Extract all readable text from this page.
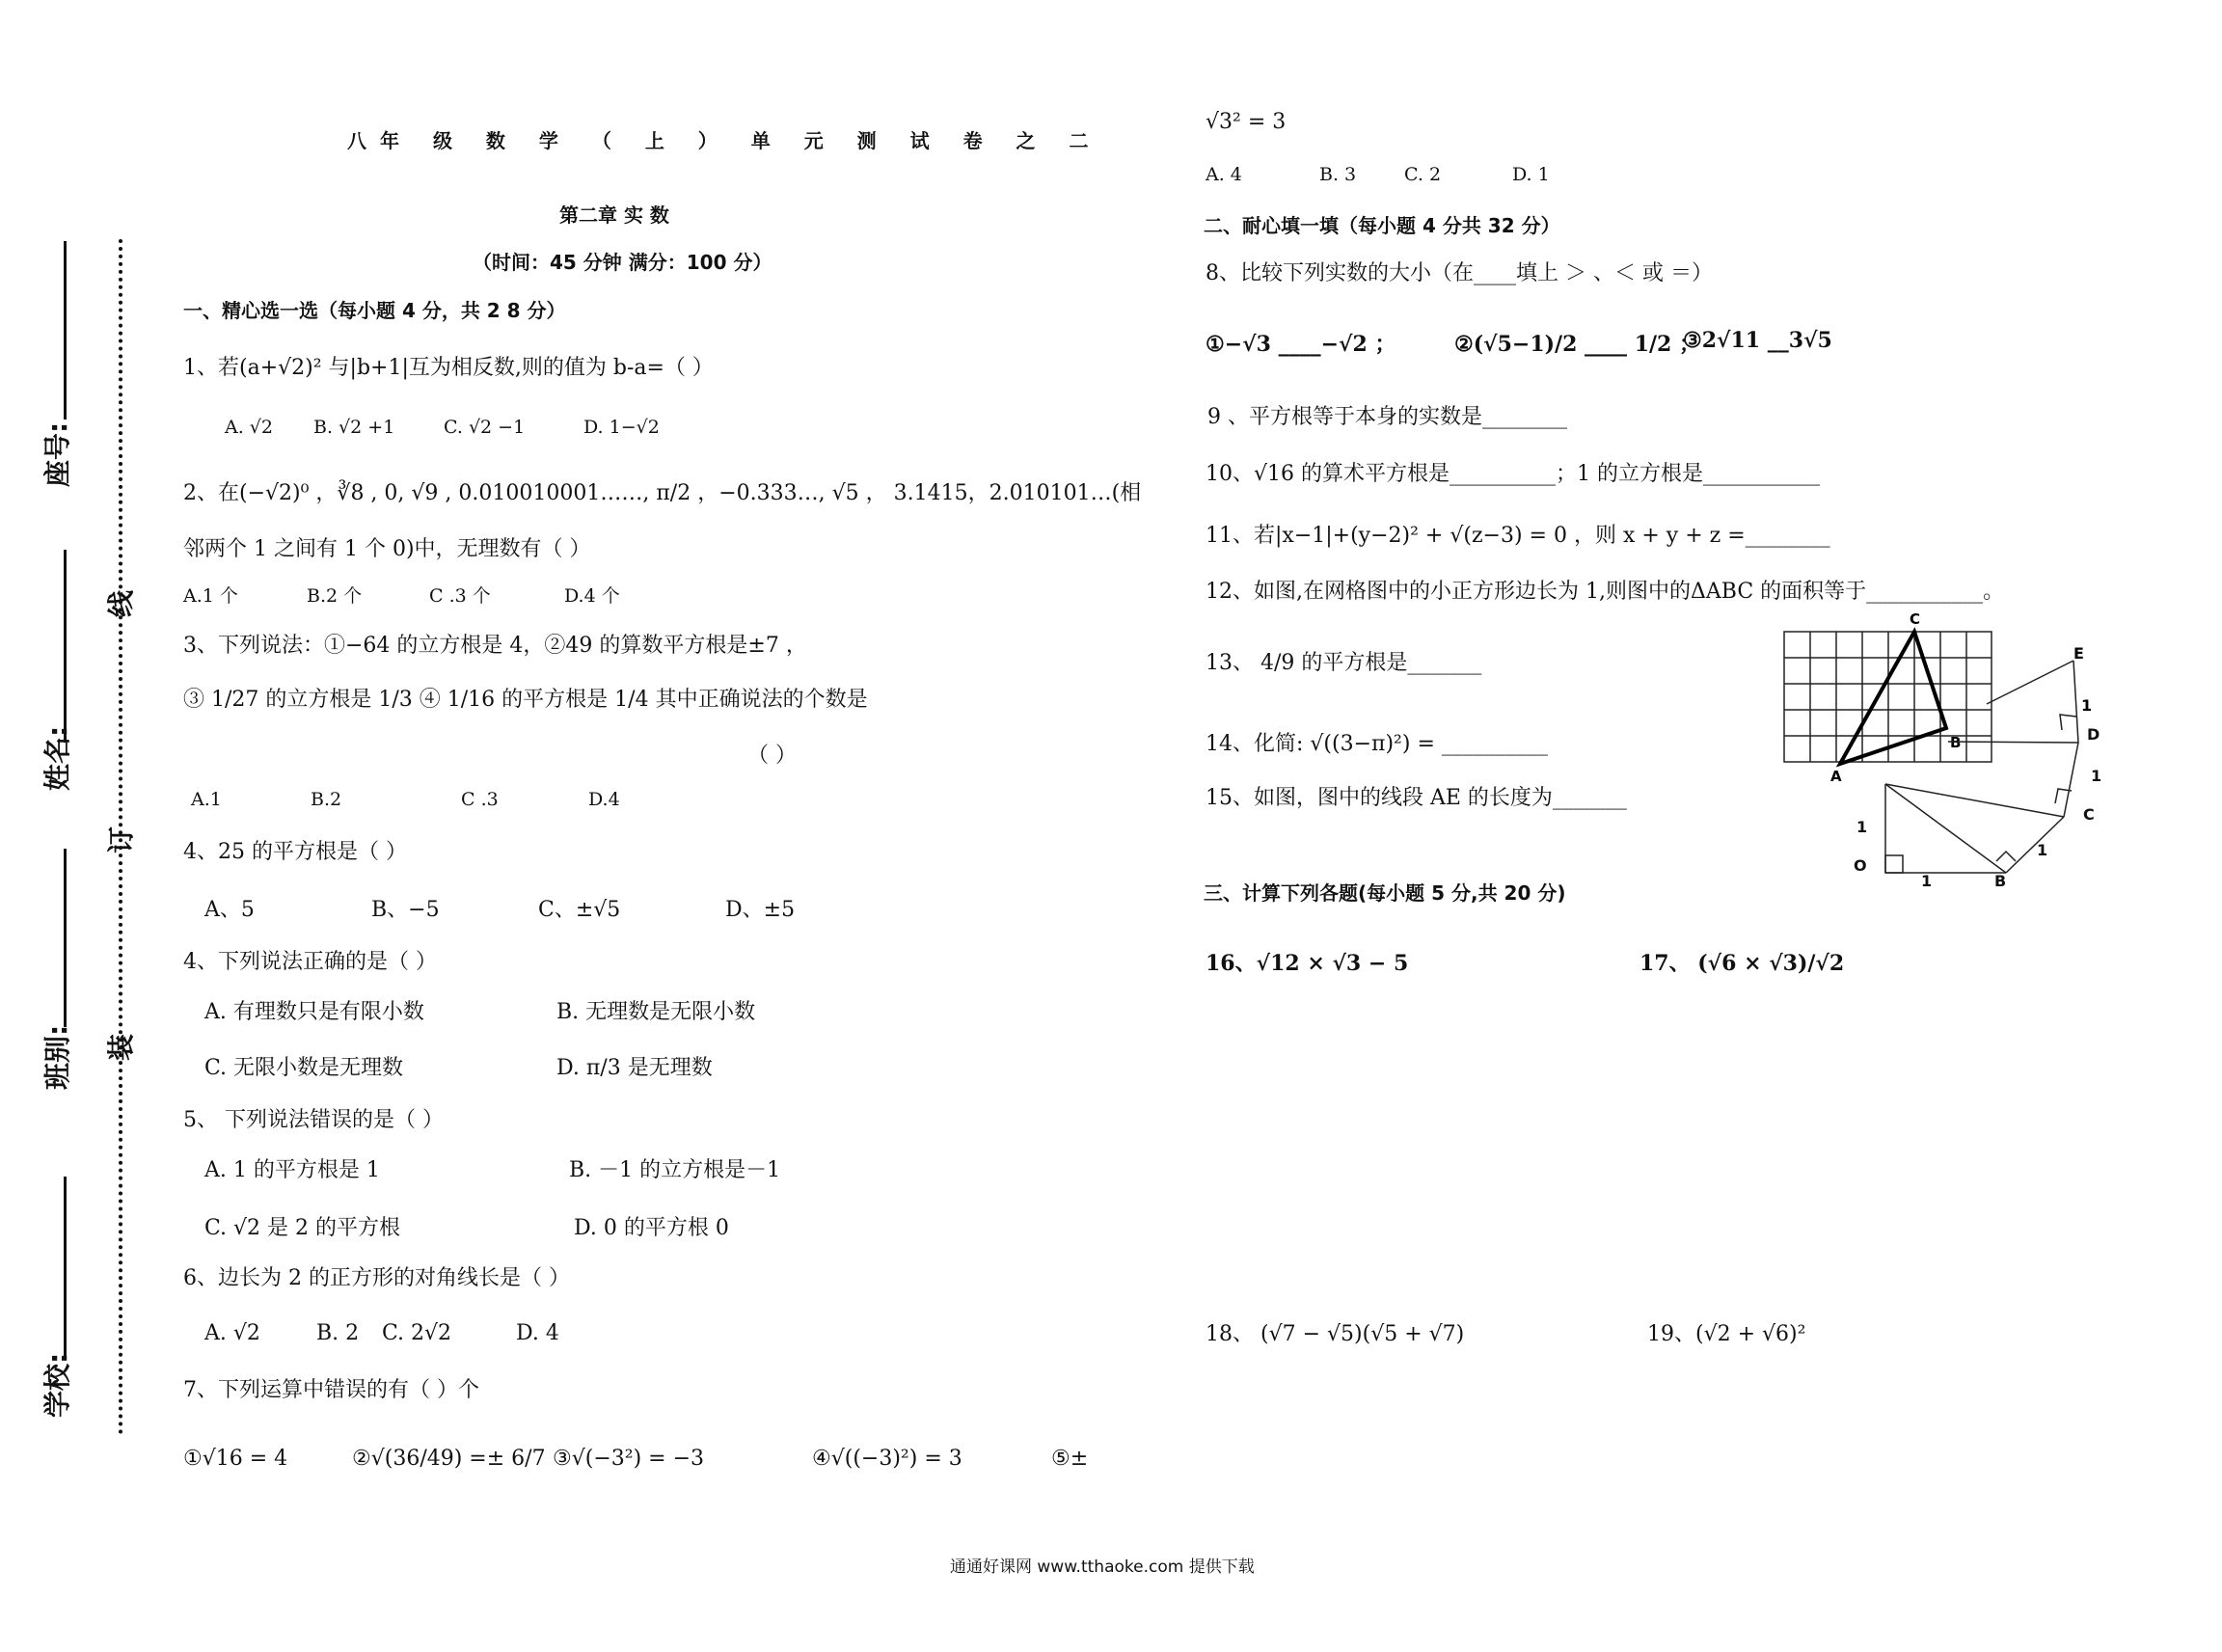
座号:
姓名:
班别:
学校:
线
订
装
八年 级 数 学 （ 上 ） 单 元 测 试 卷 之 二
第二章 实 数
（时间：45 分钟 满分：100 分）
一、精心选一选（每小题 4 分，共 2 8 分）
1、若(a+√2)² 与|b+1|互为相反数,则的值为 b-a=（ ）
A. √2 B. √2 +1	C. √2 −1	D. 1−√2
2、在(−√2)⁰ ，∛8 , 0, √9 , 0.010010001……, π/2 ，−0.333…, √5 ， 3.1415，2.010101…(相
邻两个 1 之间有 1 个 0)中，无理数有（ ）
A.1 个	B.2 个	C .3 个	D.4 个
3、下列说法：①−64 的立方根是 4，②49 的算数平方根是±7 ，
③ 1/27 的立方根是 1/3 ④ 1/16 的平方根是 1/4 其中正确说法的个数是
（ ）
A.1	B.2	C .3	D.4
4、25 的平方根是（ ）
A、5	B、−5	C、±√5	D、±5
4、下列说法正确的是（ ）
A. 有理数只是有限小数	B. 无理数是无限小数
C. 无限小数是无理数	D. π/3 是无理数
5、 下列说法错误的是（ ）
A. 1 的平方根是 1	B. －1 的立方根是－1
C. √2 是 2 的平方根	D. 0 的平方根 0
6、边长为 2 的正方形的对角线长是（ ）
A. √2	B. 2 C. 2√2	D. 4
7、下列运算中错误的有（ ）个
①√16 = 4	②√(36/49) =± 6/7 ③√(−3²) = −3	④√((−3)²) = 3	⑤±
√3² = 3
A. 4	B. 3	C. 2	D. 1
二、耐心填一填（每小题 4 分共 32 分）
8、比较下列实数的大小（在____填上 ＞ 、＜ 或 ＝）
①−√3 ____−√2 ；	②(√5−1)/2 ____ 1/2 ；
③2√11 __3√5
9 、平方根等于本身的实数是________
10、√16 的算术平方根是__________；1 的立方根是___________
11、若|x−1|+(y−2)² + √(z−3) = 0 ，则 x + y + z =________
12、如图,在网格图中的小正方形边长为 1,则图中的ΔABC 的面积等于___________。
13、 4/9 的平方根是_______
14、化简: √((3−π)²) = __________
15、如图，图中的线段 AE 的长度为_______
C
B
A
E
1
D
1
C
1
B
O
1
1
三、计算下列各题(每小题 5 分,共 20 分)
16、√12 × √3 − 5	17、 (√6 × √3)/√2
18、 (√7 − √5)(√5 + √7)	19、(√2 + √6)²
通通好课网 www.tthaoke.com 提供下载
